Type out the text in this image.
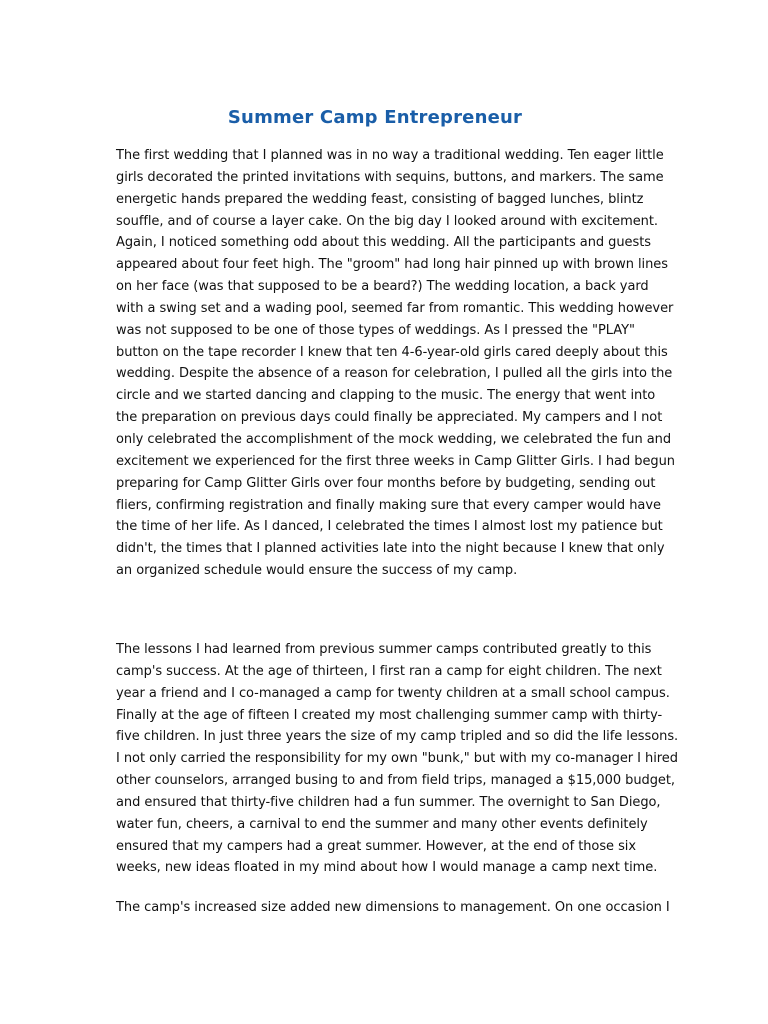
Summer Camp Entrepreneur
The first wedding that I planned was in no way a traditional wedding. Ten eager little
girls decorated the printed invitations with sequins, buttons, and markers. The same
energetic hands prepared the wedding feast, consisting of bagged lunches, blintz
souffle, and of course a layer cake. On the big day I looked around with excitement.
Again, I noticed something odd about this wedding. All the participants and guests
appeared about four feet high. The "groom" had long hair pinned up with brown lines
on her face (was that supposed to be a beard?) The wedding location, a back yard
with a swing set and a wading pool, seemed far from romantic. This wedding however
was not supposed to be one of those types of weddings. As I pressed the "PLAY"
button on the tape recorder I knew that ten 4-6-year-old girls cared deeply about this
wedding. Despite the absence of a reason for celebration, I pulled all the girls into the
circle and we started dancing and clapping to the music. The energy that went into
the preparation on previous days could finally be appreciated. My campers and I not
only celebrated the accomplishment of the mock wedding, we celebrated the fun and
excitement we experienced for the first three weeks in Camp Glitter Girls. I had begun
preparing for Camp Glitter Girls over four months before by budgeting, sending out
fliers, confirming registration and finally making sure that every camper would have
the time of her life. As I danced, I celebrated the times I almost lost my patience but
didn't, the times that I planned activities late into the night because I knew that only
an organized schedule would ensure the success of my camp.
The lessons I had learned from previous summer camps contributed greatly to this
camp's success. At the age of thirteen, I first ran a camp for eight children. The next
year a friend and I co-managed a camp for twenty children at a small school campus.
Finally at the age of fifteen I created my most challenging summer camp with thirty-
five children. In just three years the size of my camp tripled and so did the life lessons.
I not only carried the responsibility for my own "bunk," but with my co-manager I hired
other counselors, arranged busing to and from field trips, managed a $15,000 budget,
and ensured that thirty-five children had a fun summer. The overnight to San Diego,
water fun, cheers, a carnival to end the summer and many other events definitely
ensured that my campers had a great summer. However, at the end of those six
weeks, new ideas floated in my mind about how I would manage a camp next time.
The camp's increased size added new dimensions to management. On one occasion I
